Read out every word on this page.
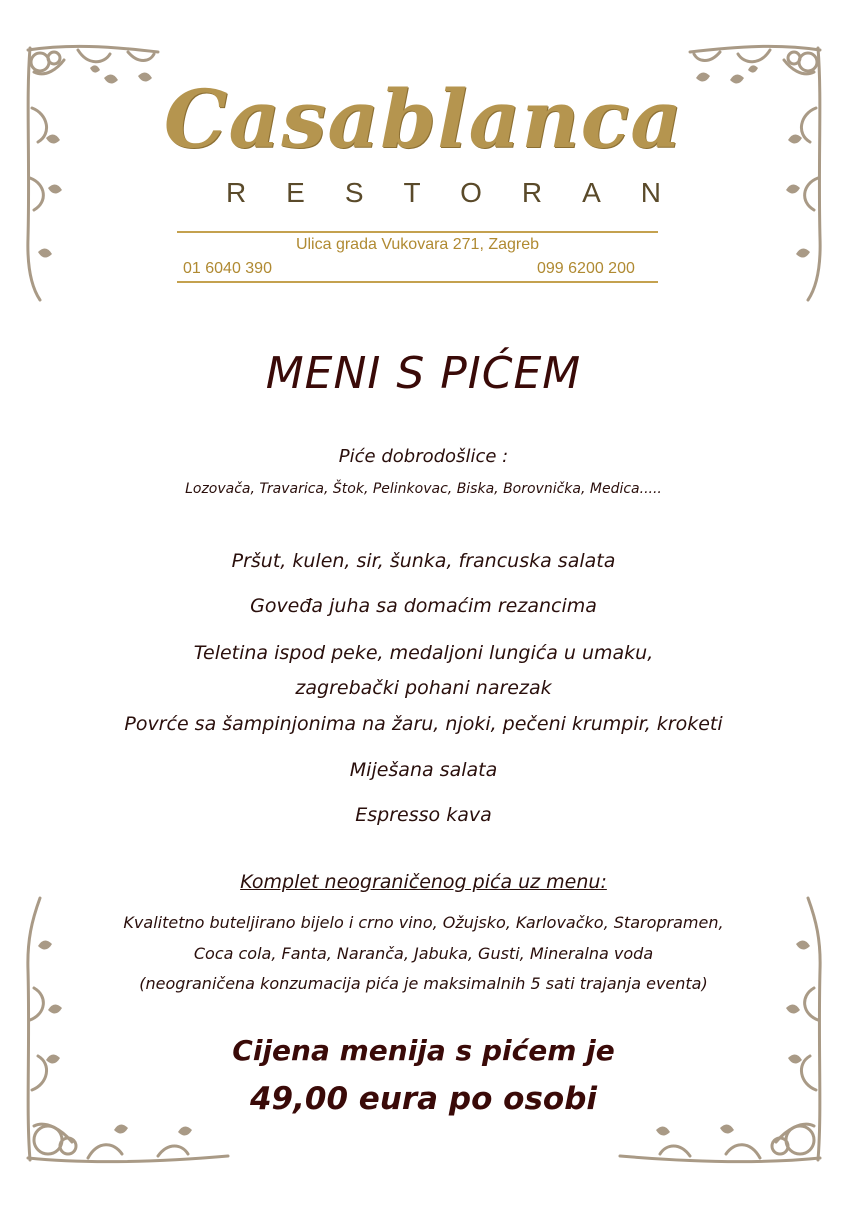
Casablanca
RESTORAN
Ulica grada Vukovara 271, Zagreb
01 6040 390	099 6200 200
MENI S PIĆEM
Piće dobrodošlice :
Lozovača, Travarica, Štok, Pelinkovac, Biska, Borovnička, Medica.....
Pršut, kulen, sir, šunka, francuska salata
Goveđa juha sa domaćim rezancima
Teletina ispod peke, medaljoni lungića u umaku,
zagrebački pohani narezak
Povrće sa šampinjonima na žaru, njoki, pečeni krumpir, kroketi
Miješana salata
Espresso kava
Komplet neograničenog pića uz menu:
Kvalitetno buteljirano bijelo i crno vino, Ožujsko, Karlovačko, Staropramen,
Coca cola, Fanta, Naranča, Jabuka, Gusti, Mineralna voda
(neograničena konzumacija pića je maksimalnih 5 sati trajanja eventa)
Cijena menija s pićem je
49,00 eura po osobi
